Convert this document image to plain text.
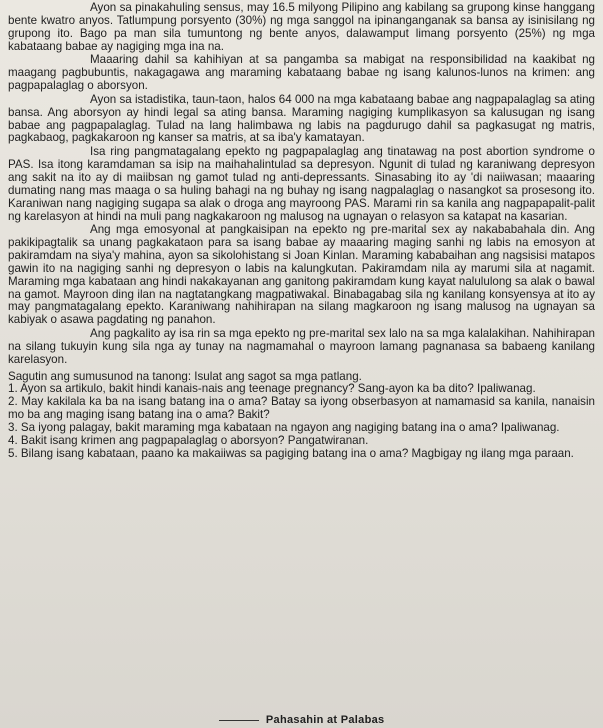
Ayon sa pinakahuling sensus, may 16.5 milyong Pilipino ang kabilang sa grupong kinse hanggang bente kwatro anyos. Tatlumpung porsyento (30%) ng mga sanggol na ipinanganganak sa bansa ay isinisilang ng grupong ito. Bago pa man sila tumuntong ng bente anyos, dalawamput limang porsyento (25%) ng mga kabataang babae ay nagiging mga ina na.

Maaaring dahil sa kahihiyan at sa pangamba sa mabigat na responsibilidad na kaakibat ng maagang pagbubuntis, nakagagawa ang maraming kabataang babae ng isang kalunos-lunos na krimen: ang pagpapalaglag o aborsyon.

Ayon sa istadistika, taun-taon, halos 64 000 na mga kabataang babae ang nagpapalaglag sa ating bansa. Ang aborsyon ay hindi legal sa ating bansa. Maraming nagiging kumplikasyon sa kalusugan ng isang babae ang pagpapalaglag. Tulad na lang halimbawa ng labis na pagdurugo dahil sa pagkasugat ng matris, pagkabaog, pagkakaroon ng kanser sa matris, at sa iba'y kamatayan.

Isa ring pangmatagalang epekto ng pagpapalaglag ang tinatawag na post abortion syndrome o PAS. Isa itong karamdaman sa isip na maihahalintulad sa depresyon. Ngunit di tulad ng karaniwang depresyon ang sakit na ito ay di maiibsan ng gamot tulad ng anti-depressants. Sinasabing ito ay 'di naiiwasan; maaaring dumating nang mas maaga o sa huling bahagi na ng buhay ng isang nagpalaglag o nasangkot sa prosesong ito. Karaniwan nang nagiging sugapa sa alak o droga ang mayroong PAS. Marami rin sa kanila ang nagpapapalit-palit ng karelasyon at hindi na muli pang nagkakaroon ng malusog na ugnayan o relasyon sa katapat na kasarian.

Ang mga emosyonal at pangkaisipan na epekto ng pre-marital sex ay nakababahala din. Ang pakikipagtalik sa unang pagkakataon para sa isang babae ay maaaring maging sanhi ng labis na emosyon at pakiramdam na siya'y mahina, ayon sa sikolohistang si Joan Kinlan. Maraming kababaihan ang nagsisisi matapos gawin ito na nagiging sanhi ng depresyon o labis na kalungkutan. Pakiramdam nila ay marumi sila at nagamit. Maraming mga kabataan ang hindi nakakayanan ang ganitong pakiramdam kung kayat nalululong sa alak o bawal na gamot. Mayroon ding ilan na nagtatangkang magpatiwakal. Binabagabag sila ng kanilang konsyensya at ito ay may pangmatagalang epekto. Karaniwang nahihirapan na silang magkaroon ng isang malusog na ugnayan sa kabiyak o asawa pagdating ng panahon.

Ang pagkalito ay isa rin sa mga epekto ng pre-marital sex lalo na sa mga kalalakihan. Nahihirapan na silang tukuyin kung sila nga ay tunay na nagmamahal o mayroon lamang pagnanasa sa babaeng kanilang karelasyon.

Sagutin ang sumusunod na tanong: Isulat ang sagot sa mga patlang.

1. Ayon sa artikulo, bakit hindi kanais-nais ang teenage pregnancy? Sang-ayon ka ba dito? Ipaliwanag.
2. May kakilala ka ba na isang batang ina o ama? Batay sa iyong obserbasyon at namamasid sa kanila, nanaisin mo ba ang maging isang batang ina o ama? Bakit?
3. Sa iyong palagay, bakit maraming mga kabataan na ngayon ang nagiging batang ina o ama? Ipaliwanag.
4. Bakit isang krimen ang pagpapalaglag o aborsyon? Pangatwiranan.
5. Bilang isang kabataan, paano ka makaiiwas sa pagiging batang ina o ama? Magbigay ng ilang mga paraan.
Pahasahin at Palabas
